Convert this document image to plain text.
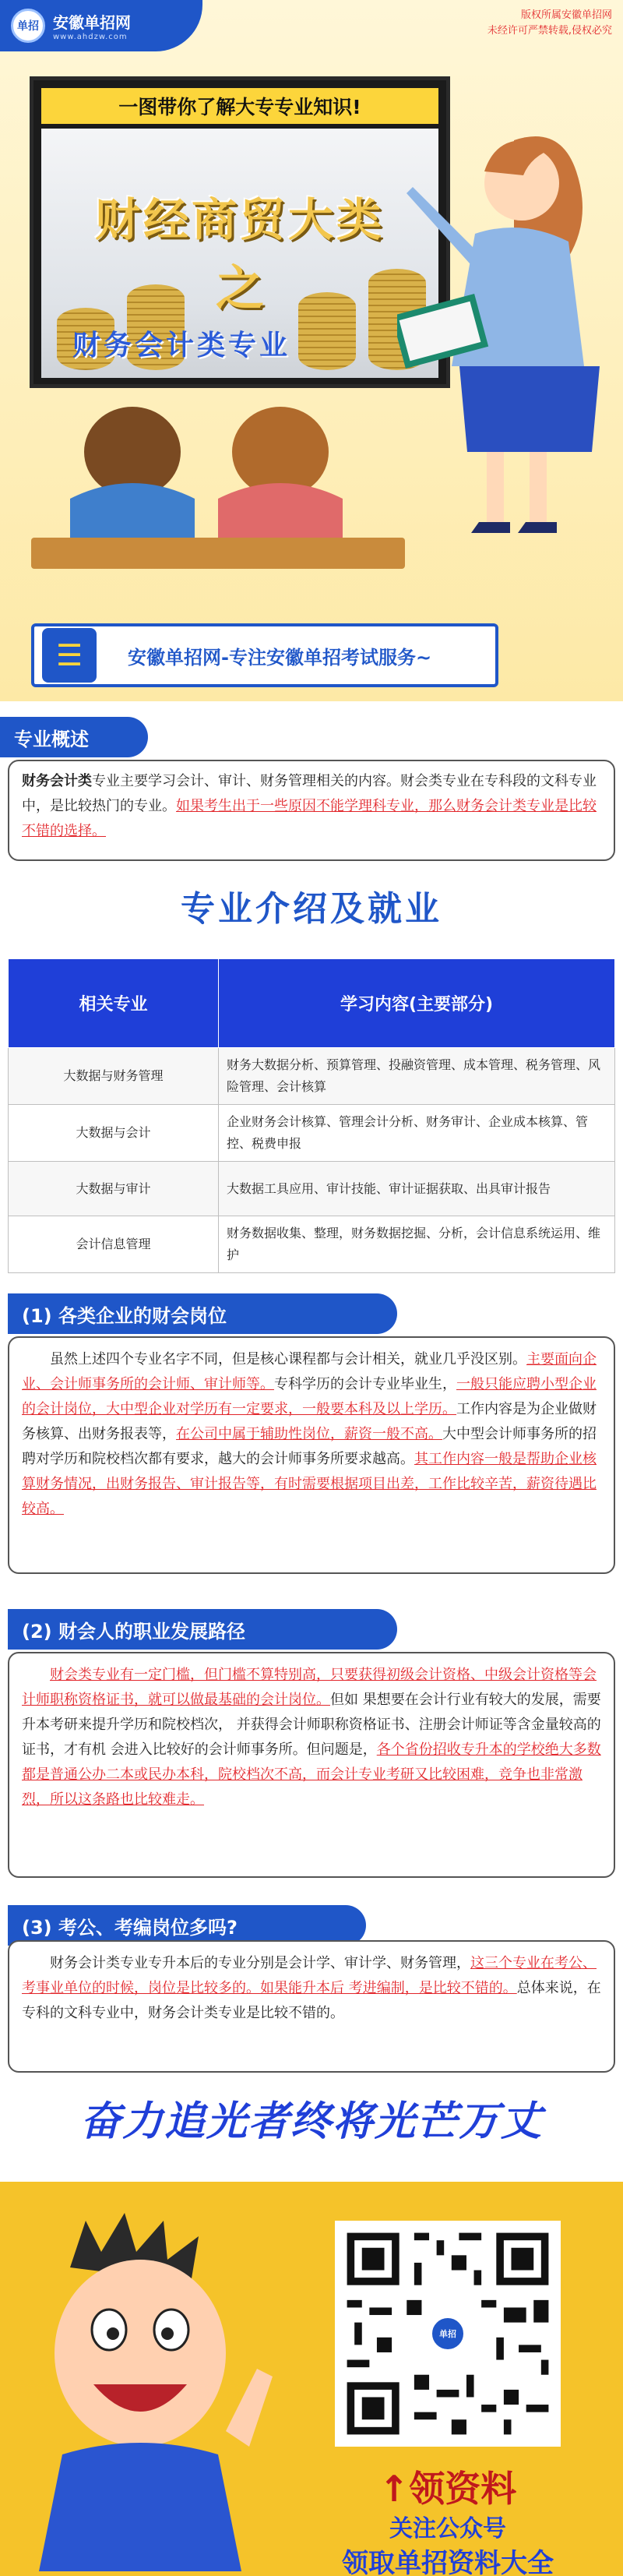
单招 安徽单招网
www.ahdzw.com
版权所属安徽单招网
未经许可严禁转载,侵权必究
一图带你了解大专专业知识!
财经商贸大类
之
财务会计类专业
☰	安徽单招网-专注安徽单招考试服务~
专业概述

财务会计类专业主要学习会计、审计、财务管理相关的内容。财会类专业在专科段的文科专业中，是比较热门的专业。如果考生出于一些原因不能学理科专业，那么财务会计类专业是比较不错的选择。

专业介绍及就业
相关专业	学习内容(主要部分)
大数据与财务管理	财务大数据分析、预算管理、投融资管理、成本管理、税务管理、风险管理、会计核算
大数据与会计	企业财务会计核算、管理会计分析、财务审计、企业成本核算、管控、税费申报
大数据与审计	大数据工具应用、审计技能、审计证据获取、出具审计报告
会计信息管理	财务数据收集、整理，财务数据挖掘、分析，会计信息系统运用、维护
(1) 各类企业的财会岗位

虽然上述四个专业名字不同，但是核心课程都与会计相关，就业几乎没区别。主要面向企业、会计师事务所的会计师、审计师等。专科学历的会计专业毕业生，一般只能应聘小型企业的会计岗位，大中型企业对学历有一定要求，一般要本科及以上学历。工作内容是为企业做财务核算、出财务报表等，在公司中属于辅助性岗位，薪资一般不高。大中型会计师事务所的招聘对学历和院校档次都有要求，越大的会计师事务所要求越高。其工作内容一般是帮助企业核算财务情况，出财务报告、审计报告等，有时需要根据项目出差，工作比较辛苦，薪资待遇比较高。

(2) 财会人的职业发展路径

财会类专业有一定门槛，但门槛不算特别高，只要获得初级会计资格、中级会计资格等会计师职称资格证书，就可以做最基础的会计岗位。但如 果想要在会计行业有较大的发展，需要升本考研来提升学历和院校档次， 并获得会计师职称资格证书、注册会计师证等含金量较高的证书，才有机 会进入比较好的会计师事务所。但问题是，各个省份招收专升本的学校绝大多数都是普通公办二本或民办本科，院校档次不高，而会计专业考研又比较困难，竞争也非常激烈，所以这条路也比较难走。

(3) 考公、考编岗位多吗?

财务会计类专业专升本后的专业分别是会计学、审计学、财务管理，这三个专业在考公、考事业单位的时候，岗位是比较多的。如果能升本后 考进编制，是比较不错的。总体来说，在专科的文科专业中，财务会计类专业是比较不错的。

奋力追光者终将光芒万丈
单招
↑领资料
关注公众号
领取单招资料大全
